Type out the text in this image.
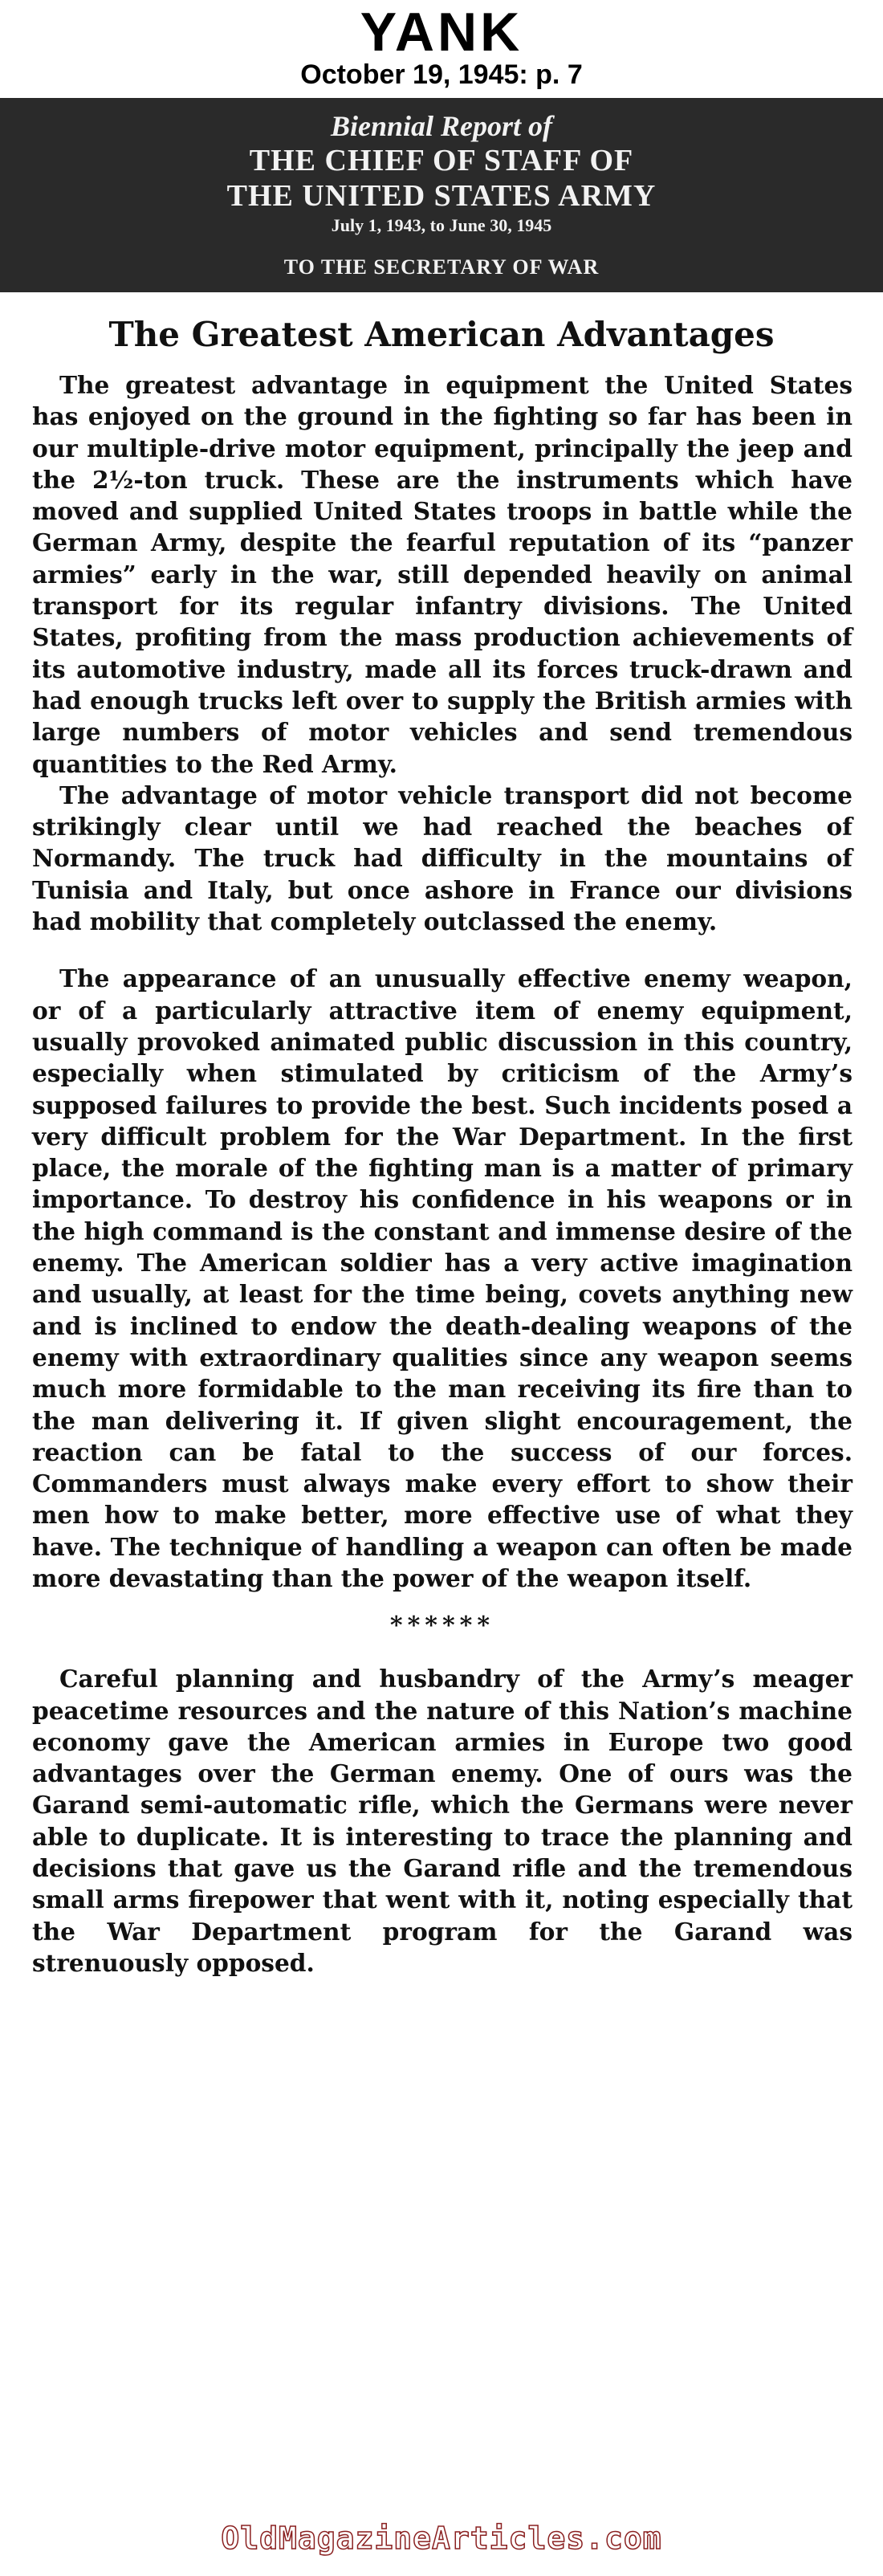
YANK
October 19, 1945: p. 7
Biennial Report of
THE CHIEF OF STAFF OF
THE UNITED STATES ARMY
July 1, 1943, to June 30, 1945
TO THE SECRETARY OF WAR
The Greatest American Advantages

The greatest advantage in equipment the United States has enjoyed on the ground in the fighting so far has been in our multiple-drive motor equipment, principally the jeep and the 2½-ton truck. These are the instruments which have moved and supplied United States troops in battle while the German Army, despite the fearful reputation of its “panzer armies” early in the war, still depended heavily on animal transport for its regular infantry divisions. The United States, profiting from the mass production achievements of its automotive industry, made all its forces truck-drawn and had enough trucks left over to supply the British armies with large numbers of motor vehicles and send tremendous quantities to the Red Army.

The advantage of motor vehicle transport did not become strikingly clear until we had reached the beaches of Normandy. The truck had difficulty in the mountains of Tunisia and Italy, but once ashore in France our divisions had mobility that completely outclassed the enemy.

The appearance of an unusually effective enemy weapon, or of a particularly attractive item of enemy equipment, usually provoked animated public discussion in this country, especially when stimulated by criticism of the Army’s supposed failures to provide the best. Such incidents posed a very difficult problem for the War Department. In the first place, the morale of the fighting man is a matter of primary importance. To destroy his confidence in his weapons or in the high command is the constant and immense desire of the enemy. The American soldier has a very active imagination and usually, at least for the time being, covets anything new and is inclined to endow the death-dealing weapons of the enemy with extraordinary qualities since any weapon seems much more formidable to the man receiving its fire than to the man delivering it. If given slight encouragement, the reaction can be fatal to the success of our forces. Commanders must always make every effort to show their men how to make better, more effective use of what they have. The technique of handling a weapon can often be made more devastating than the power of the weapon itself.

******

Careful planning and husbandry of the Army’s meager peacetime resources and the nature of this Nation’s machine economy gave the American armies in Europe two good advantages over the German enemy. One of ours was the Garand semi-automatic rifle, which the Germans were never able to duplicate. It is interesting to trace the planning and decisions that gave us the Garand rifle and the tremendous small arms firepower that went with it, noting especially that the War Department program for the Garand was strenuously opposed.

OldMagazineArticles.com
